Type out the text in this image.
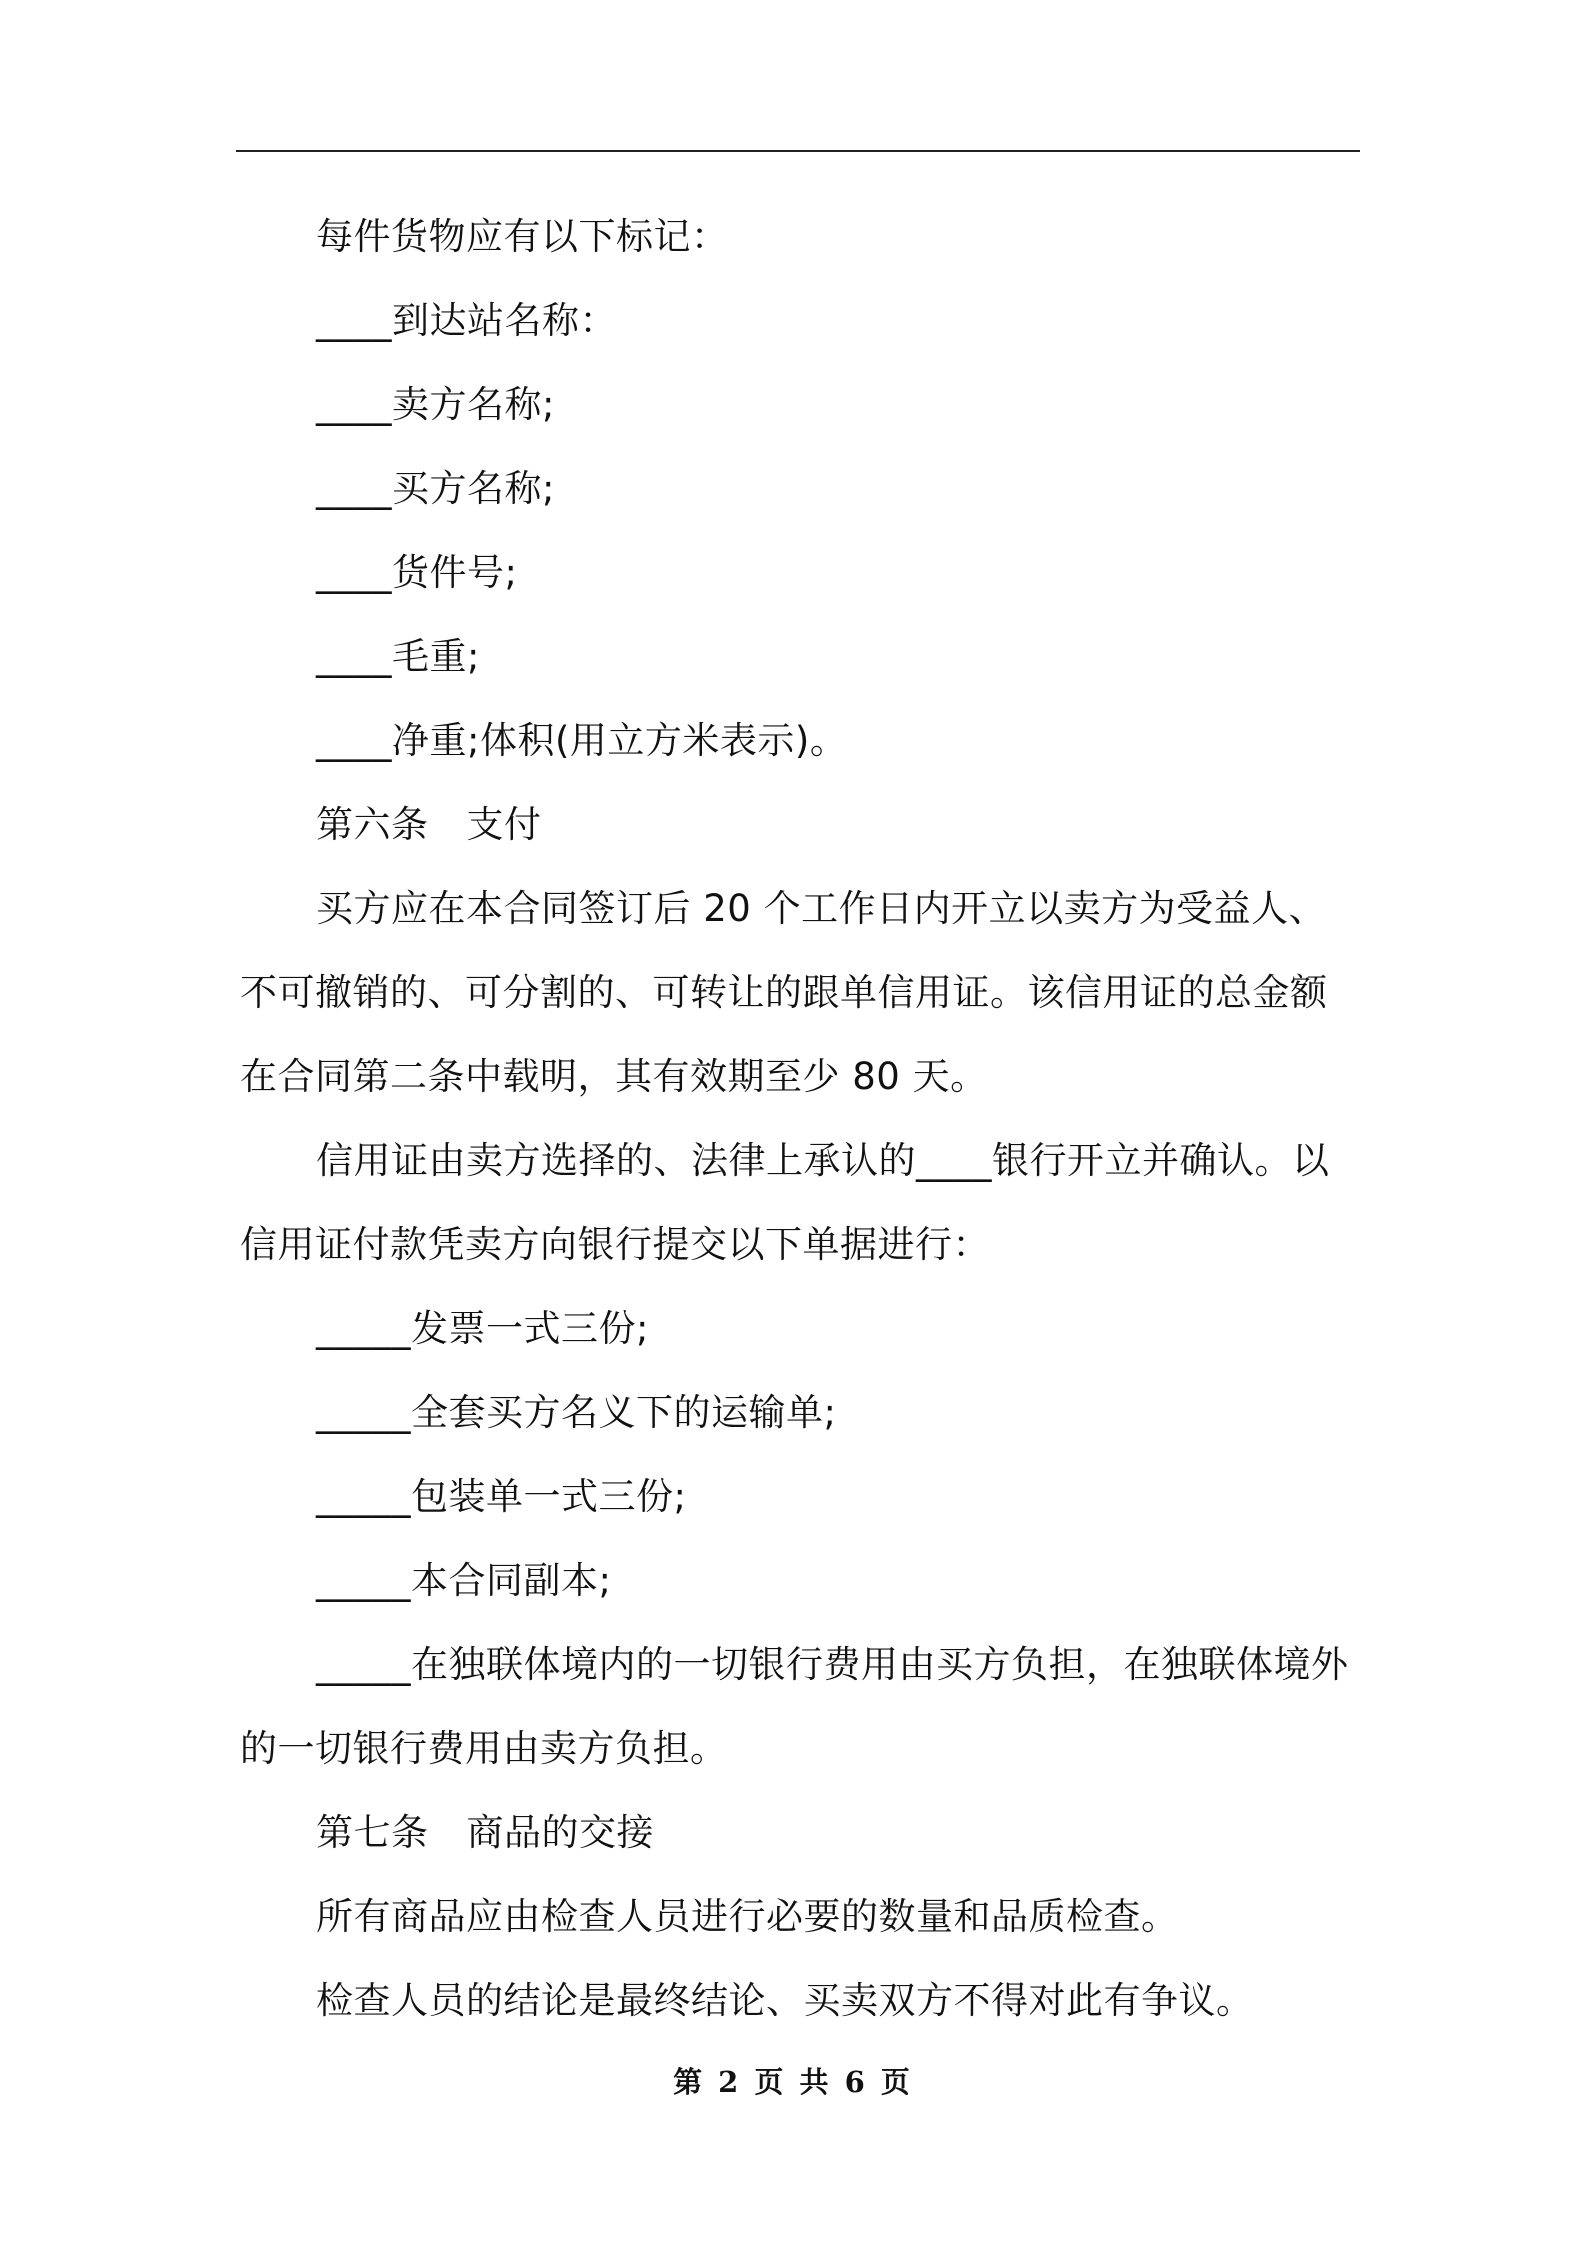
每件货物应有以下标记：

____到达站名称：

____卖方名称;

____买方名称;

____货件号;

____毛重;

____净重;体积(用立方米表示)。

第六条 支付

买方应在本合同签订后 20 个工作日内开立以卖方为受益人、不可撤销的、可分割的、可转让的跟单信用证。该信用证的总金额在合同第二条中载明，其有效期至少 80 天。

信用证由卖方选择的、法律上承认的____银行开立并确认。以信用证付款凭卖方向银行提交以下单据进行：

_____发票一式三份;

_____全套买方名义下的运输单;

_____包装单一式三份;

_____本合同副本;

_____在独联体境内的一切银行费用由买方负担，在独联体境外的一切银行费用由卖方负担。

第七条 商品的交接

所有商品应由检查人员进行必要的数量和品质检查。

检查人员的结论是最终结论、买卖双方不得对此有争议。

第 2 页 共 6 页
